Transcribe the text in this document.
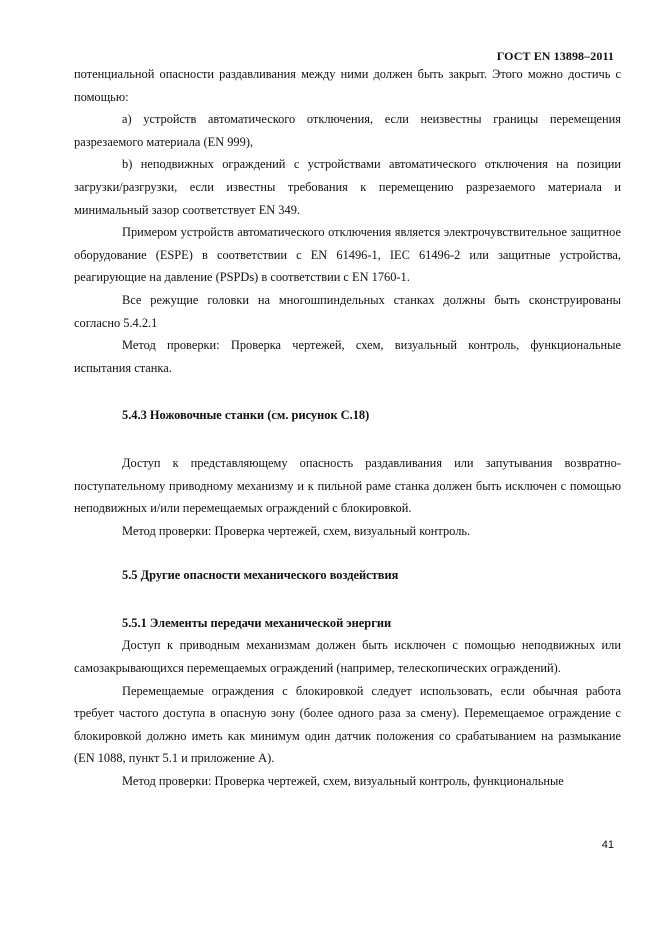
ГОСТ EN 13898–2011

потенциальной опасности раздавливания между ними должен быть закрыт. Этого можно достичь с помощью:

a) устройств автоматического отключения, если неизвестны границы перемещения разрезаемого материала (EN 999),

b) неподвижных ограждений с устройствами автоматического отключения на позиции загрузки/разгрузки, если известны требования к перемещению разрезаемого материала и минимальный зазор соответствует EN 349.

Примером устройств автоматического отключения является электрочувствительное защитное оборудование (ESPE) в соответствии с EN 61496-1, IEC 61496-2 или защитные устройства, реагирующие на давление (PSPDs) в соответствии с EN 1760-1.

Все режущие головки на многошпиндельных станках должны быть сконструированы согласно 5.4.2.1

Метод проверки: Проверка чертежей, схем, визуальный контроль, функциональные испытания станка.

5.4.3 Ножовочные станки (см. рисунок С.18)

Доступ к представляющему опасность раздавливания или запутывания возвратно-поступательному приводному механизму и к пильной раме станка должен быть исключен с помощью неподвижных и/или перемещаемых ограждений с блокировкой.

Метод проверки: Проверка чертежей, схем, визуальный контроль.

5.5 Другие опасности механического воздействия
5.5.1 Элементы передачи механической энергии

Доступ к приводным механизмам должен быть исключен с помощью неподвижных или самозакрывающихся перемещаемых ограждений (например, телескопических ограждений).

Перемещаемые ограждения с блокировкой следует использовать, если обычная работа требует частого доступа в опасную зону (более одного раза за смену). Перемещаемое ограждение с блокировкой должно иметь как минимум один датчик положения со срабатыванием на размыкание (EN 1088, пункт 5.1 и приложение А).

Метод проверки: Проверка чертежей, схем, визуальный контроль, функциональные

41
